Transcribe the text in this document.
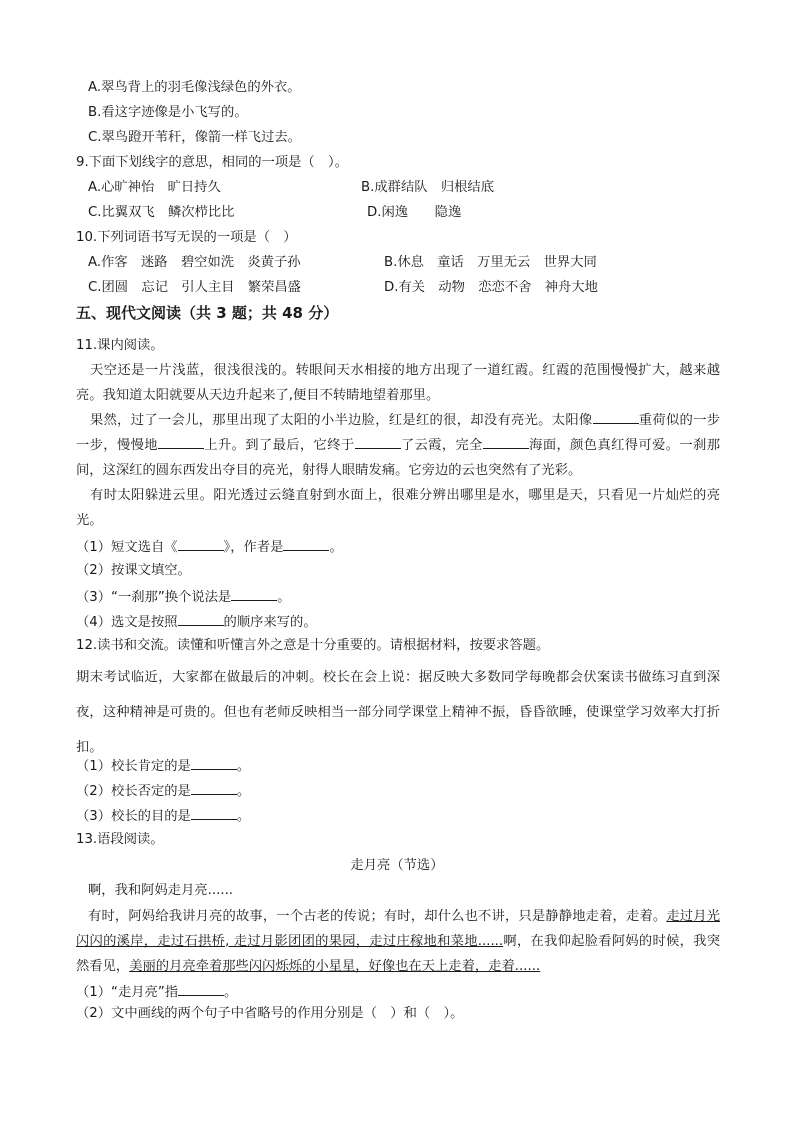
A.翠鸟背上的羽毛像浅绿色的外衣。
B.看这字迹像是小飞写的。
C.翠鸟蹬开苇秆，像箭一样飞过去。
9.下面下划线字的意思，相同的一项是（　）。
A.心旷神怡　旷日持久	B.成群结队　归根结底
C.比翼双飞　鳞次栉比比	D.闲逸　　隐逸
10.下列词语书写无误的一项是（　）
A.作客　迷路　碧空如洗　炎黄子孙	B.休息　童话　万里无云　世界大同
C.团圆　忘记　引人主目　繁荣昌盛	D.有关　动物　恋恋不舍　神舟大地
五、现代文阅读（共 3 题；共 48 分）
11.课内阅读。
天空还是一片浅蓝，很浅很浅的。转眼间天水相接的地方出现了一道红霞。红霞的范围慢慢扩大，越来越亮。我知道太阳就要从天边升起来了,便目不转睛地望着那里。
果然，过了一会儿，那里出现了太阳的小半边脸，红是红的很，却没有亮光。太阳像	重荷似的一步一步，慢慢地	上升。到了最后，它终于	了云霞，完全	海面，颜色真红得可爱。一刹那间，这深红的圆东西发出夺目的亮光，射得人眼睛发痛。它旁边的云也突然有了光彩。
有时太阳躲进云里。阳光透过云缝直射到水面上，很难分辨出哪里是水，哪里是天，只看见一片灿烂的亮光。
（1）短文选自《	》，作者是	。
（2）按课文填空。
（3）“一刹那”换个说法是	。
（4）选文是按照	的顺序来写的。
12.读书和交流。读懂和听懂言外之意是十分重要的。请根据材料，按要求答题。
期末考试临近，大家都在做最后的冲刺。校长在会上说：据反映大多数同学每晚都会伏案读书做练习直到深夜，这种精神是可贵的。但也有老师反映相当一部分同学课堂上精神不振，昏昏欲睡，使课堂学习效率大打折扣。
（1）校长肯定的是	。
（2）校长否定的是	。
（3）校长的目的是	。
13.语段阅读。
走月亮（节选）
啊，我和阿妈走月亮......
有时，阿妈给我讲月亮的故事，一个古老的传说；有时，却什么也不讲，只是静静地走着，走着。走过月光闪闪的溪岸，走过石拱桥, 走过月影团团的果园，走过庄稼地和菜地......啊，在我仰起脸看阿妈的时候，我突然看见，美丽的月亮牵着那些闪闪烁烁的小星星，好像也在天上走着，走着......
（1）“走月亮”指	。
（2）文中画线的两个句子中省略号的作用分别是（　）和（　）。
